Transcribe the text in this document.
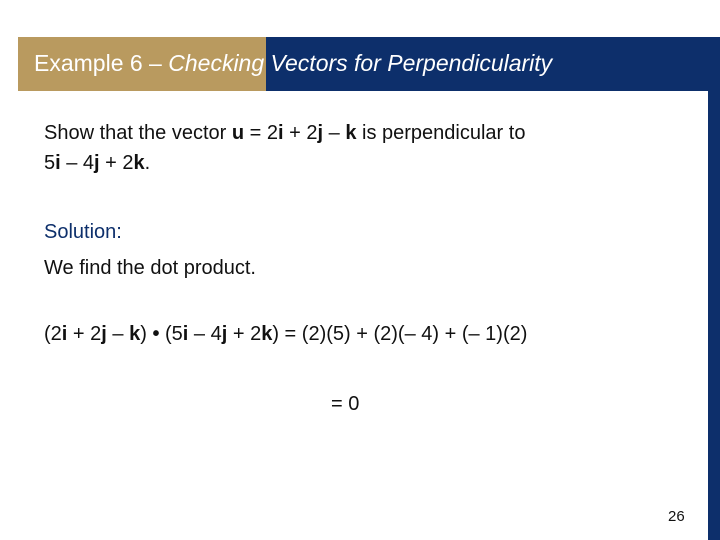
Example 6 – Checking Vectors for Perpendicularity
Show that the vector u = 2i + 2j – k is perpendicular to
5i – 4j + 2k.
Solution:
We find the dot product.
(2i + 2j – k) • (5i – 4j + 2k) = (2)(5) + (2)(– 4) + (– 1)(2)
= 0
26
